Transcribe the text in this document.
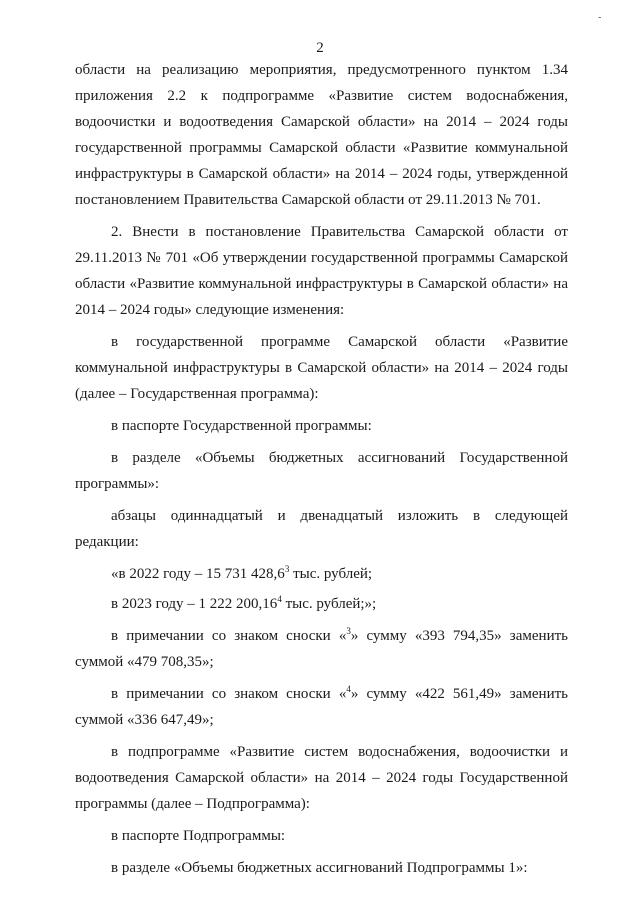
-
2

области на реализацию мероприятия, предусмотренного пунктом 1.34 приложения 2.2 к подпрограмме «Развитие систем водоснабжения, водоочистки и водоотведения Самарской области» на 2014 – 2024 годы государственной программы Самарской области «Развитие коммунальной инфраструктуры в Самарской области» на 2014 – 2024 годы, утвержденной постановлением Правительства Самарской области от 29.11.2013 № 701.

2. Внести в постановление Правительства Самарской области от 29.11.2013 № 701 «Об утверждении государственной программы Самарской области «Развитие коммунальной инфраструктуры в Самарской области» на 2014 – 2024 годы» следующие изменения:

в государственной программе Самарской области «Развитие коммунальной инфраструктуры в Самарской области» на 2014 – 2024 годы (далее – Государственная программа):

в паспорте Государственной программы:

в разделе «Объемы бюджетных ассигнований Государственной программы»:

абзацы одиннадцатый и двенадцатый изложить в следующей редакции:

«в 2022 году – 15 731 428,6$^3$ тыс. рублей;

в 2023 году – 1 222 200,16$^4$ тыс. рублей;»;

в примечании со знаком сноски «$^3$» сумму «393 794,35» заменить суммой «479 708,35»;

в примечании со знаком сноски «$^4$» сумму «422 561,49» заменить суммой «336 647,49»;

в подпрограмме «Развитие систем водоснабжения, водоочистки и водоотведения Самарской области» на 2014 – 2024 годы Государственной программы (далее – Подпрограмма):

в паспорте Подпрограммы:

в разделе «Объемы бюджетных ассигнований Подпрограммы 1»:
